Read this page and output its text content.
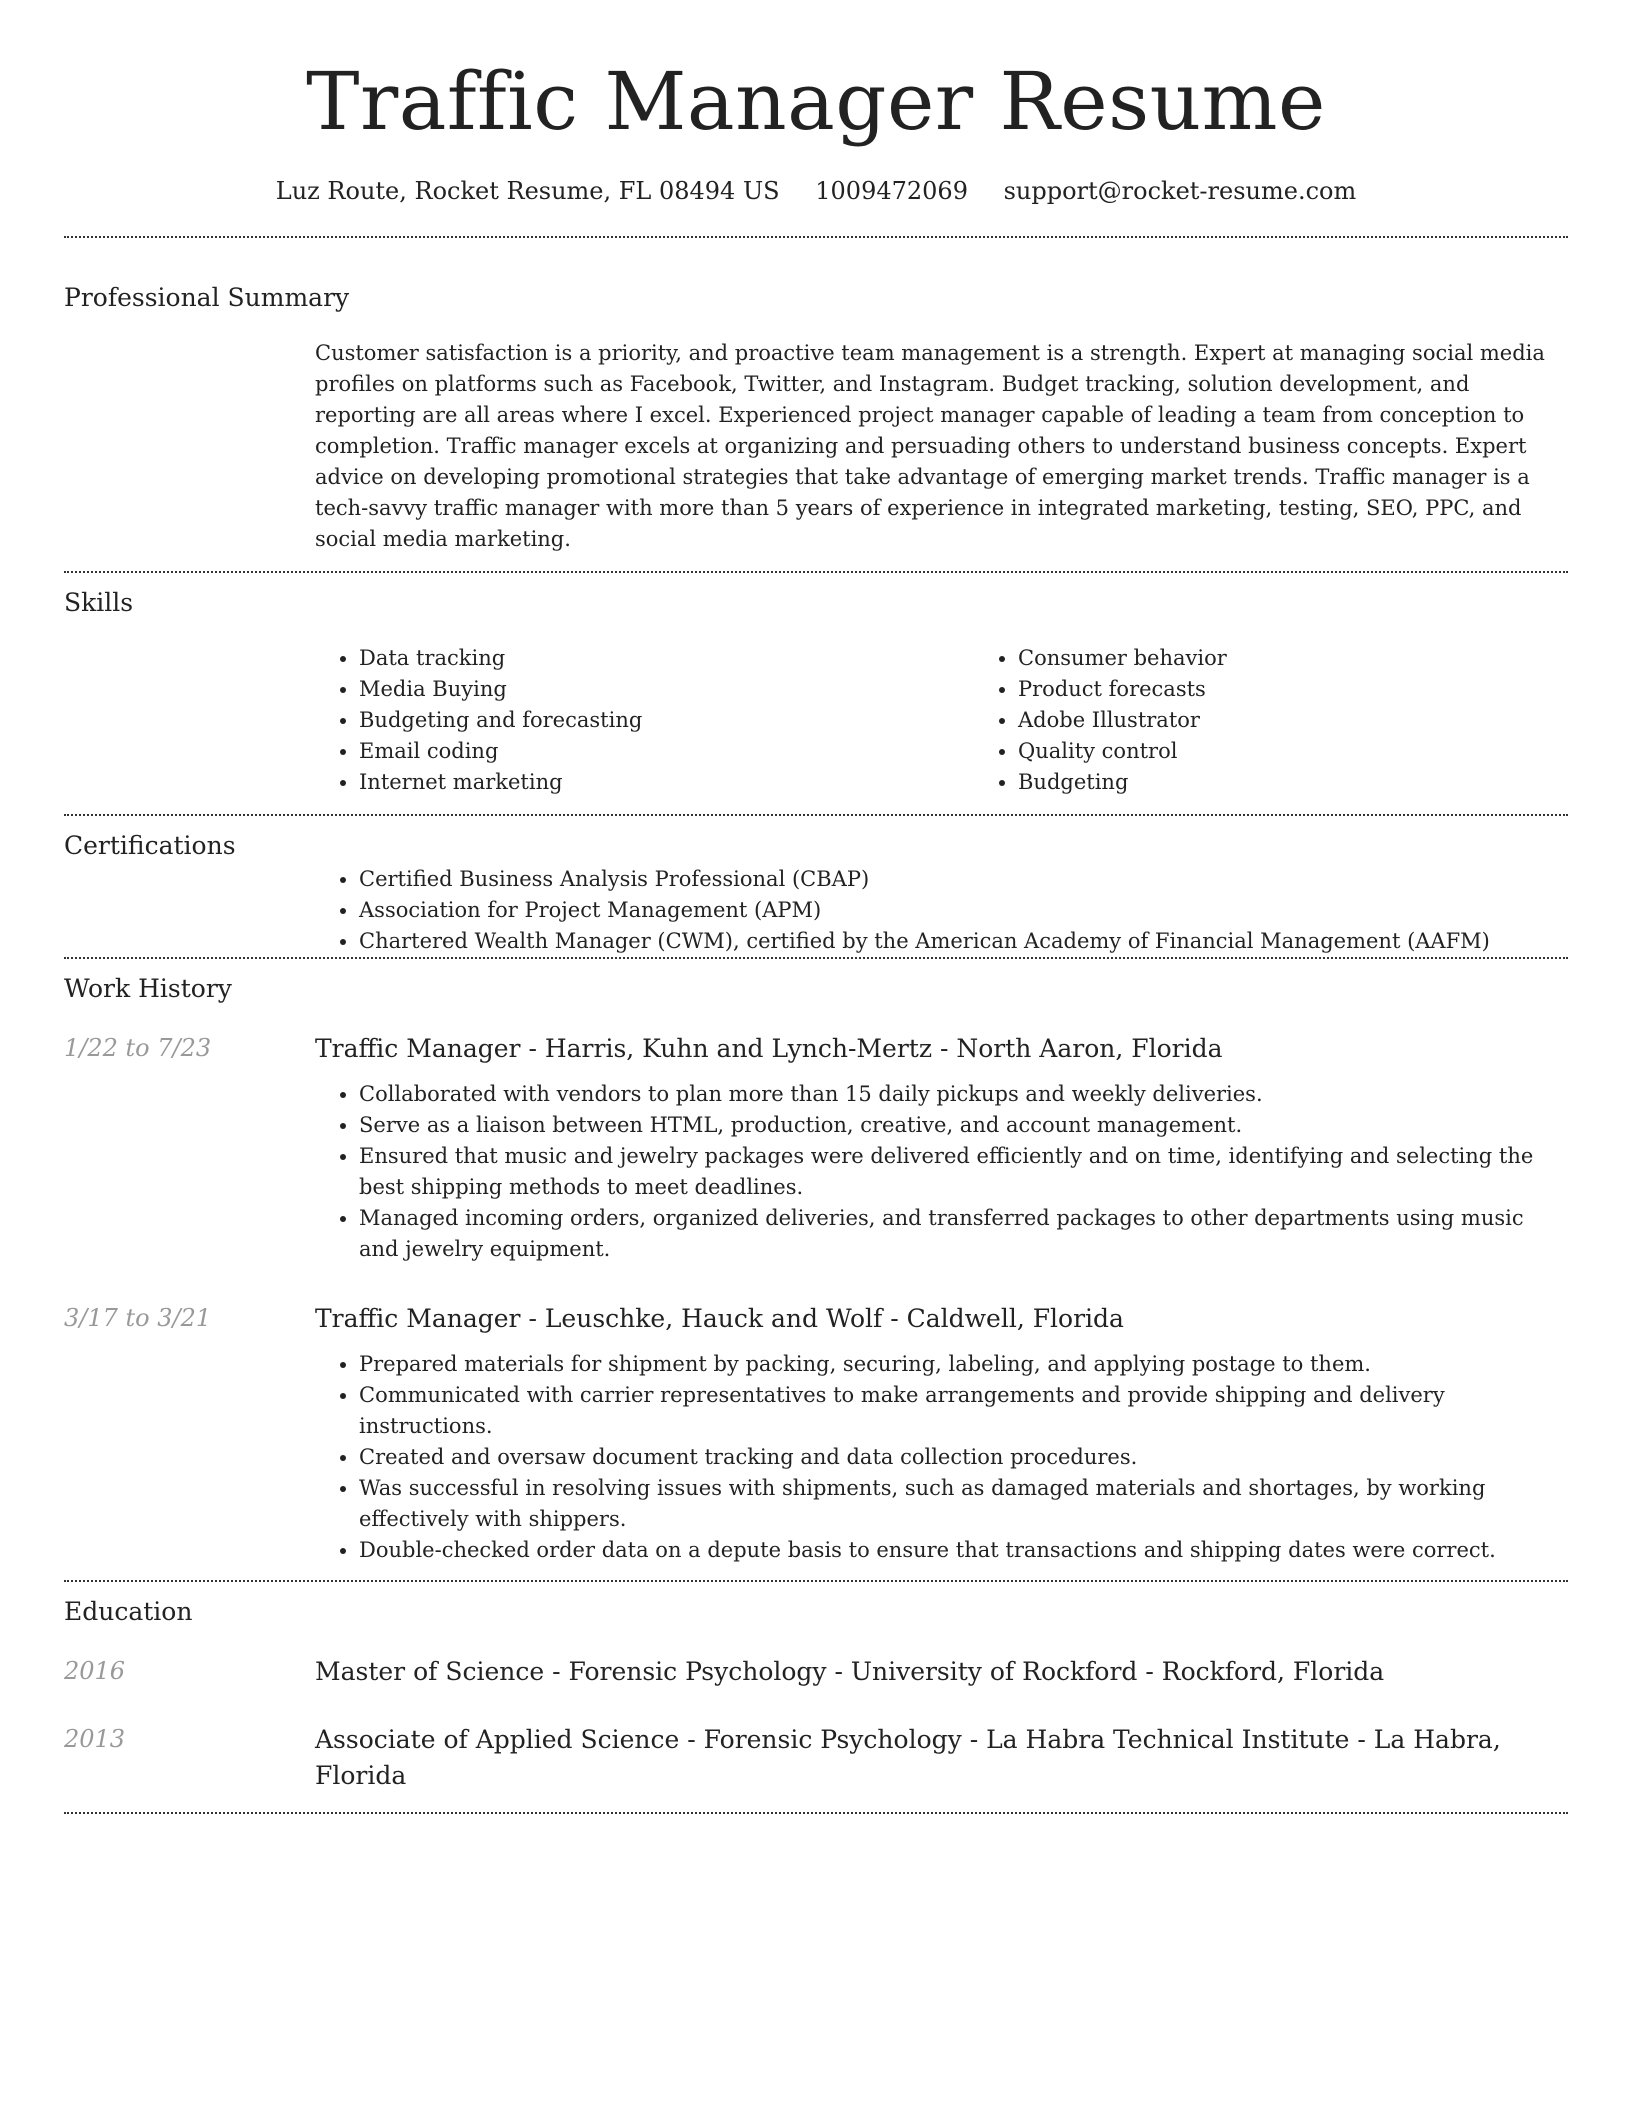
Traffic Manager Resume
Luz Route, Rocket Resume, FL 08494 US 1009472069 support@rocket-resume.com
Professional Summary

Customer satisfaction is a priority, and proactive team management is a strength. Expert at managing social media profiles on platforms such as Facebook, Twitter, and Instagram. Budget tracking, solution development, and reporting are all areas where I excel. Experienced project manager capable of leading a team from conception to completion. Traffic manager excels at organizing and persuading others to understand business concepts. Expert advice on developing promotional strategies that take advantage of emerging market trends. Traffic manager is a tech-savvy traffic manager with more than 5 years of experience in integrated marketing, testing, SEO, PPC, and social media marketing.

Skills
• Data tracking
• Media Buying
• Budgeting and forecasting
• Email coding
• Internet marketing
• Consumer behavior
• Product forecasts
• Adobe Illustrator
• Quality control
• Budgeting
Certifications
• Certified Business Analysis Professional (CBAP)
• Association for Project Management (APM)
• Chartered Wealth Manager (CWM), certified by the American Academy of Financial Management (AAFM)
Work History
1/22 to 7/23	Traffic Manager - Harris, Kuhn and Lynch-Mertz - North Aaron, Florida
• Collaborated with vendors to plan more than 15 daily pickups and weekly deliveries.
• Serve as a liaison between HTML, production, creative, and account management.
• Ensured that music and jewelry packages were delivered efficiently and on time, identifying and selecting the best shipping methods to meet deadlines.
• Managed incoming orders, organized deliveries, and transferred packages to other departments using music and jewelry equipment.
3/17 to 3/21	Traffic Manager - Leuschke, Hauck and Wolf - Caldwell, Florida
• Prepared materials for shipment by packing, securing, labeling, and applying postage to them.
• Communicated with carrier representatives to make arrangements and provide shipping and delivery instructions.
• Created and oversaw document tracking and data collection procedures.
• Was successful in resolving issues with shipments, such as damaged materials and shortages, by working effectively with shippers.
• Double-checked order data on a depute basis to ensure that transactions and shipping dates were correct.
Education
2016	Master of Science - Forensic Psychology - University of Rockford - Rockford, Florida
2013	Associate of Applied Science - Forensic Psychology - La Habra Technical Institute - La Habra, Florida
